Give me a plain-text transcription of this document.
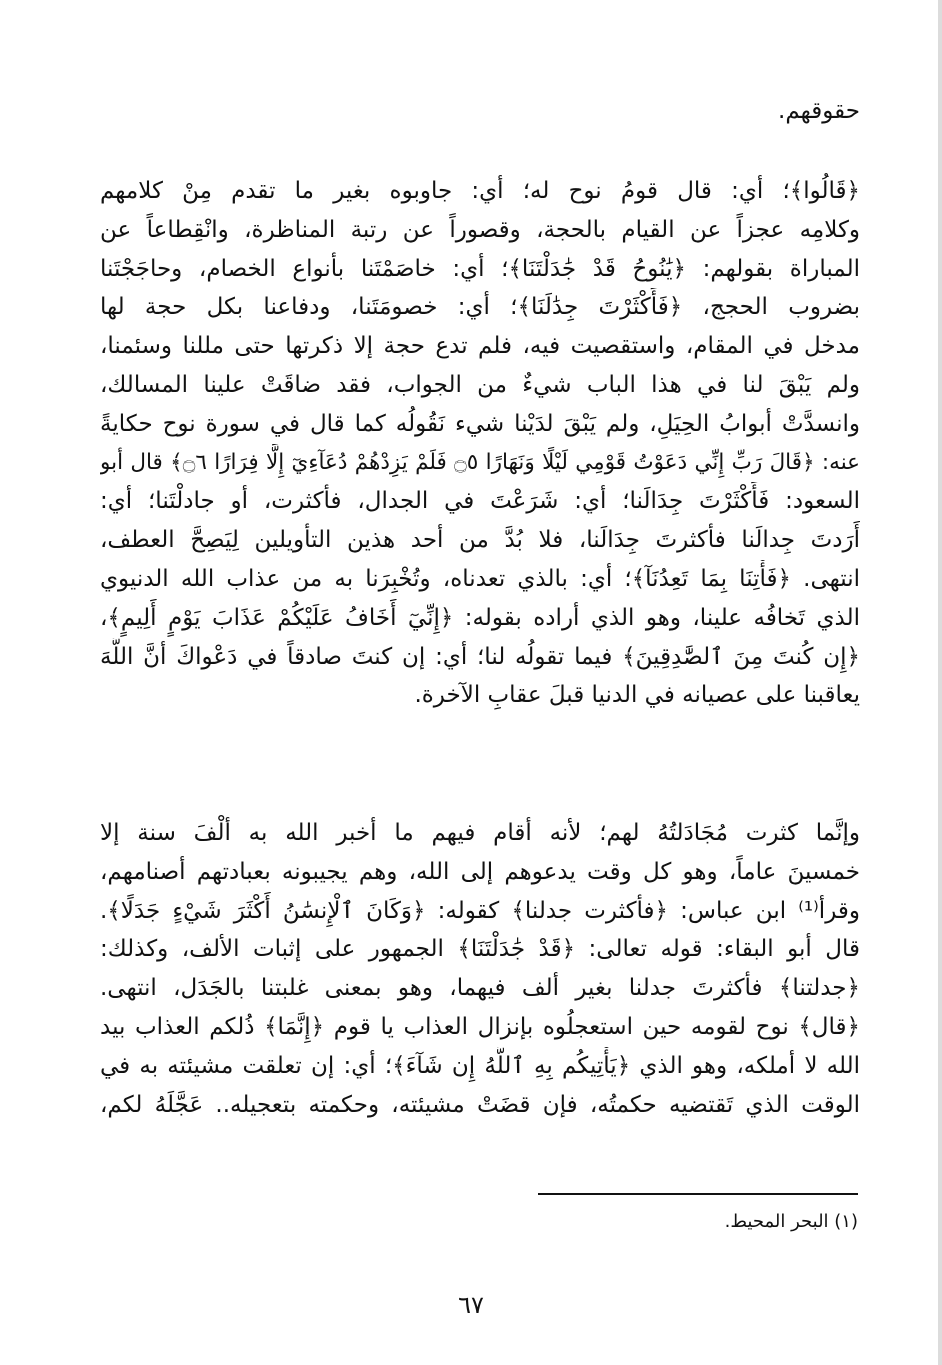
حقوقهم.
﴿قَالُوا﴾؛ أي: قال قومُ نوح له؛ أي: جاوبوه بغير ما تقدم مِنْ كلامهم
وكلامِه عجزاً عن القيام بالحجة، وقصوراً عن رتبة المناظرة، وانْقِطاعاً عن
المباراة بقولهم: ﴿يَٰنُوحُ قَدْ جَٰدَلْتَنَا﴾؛ أي: خاصَمْتَنا بأنواع الخصام، وحاجَجْتَنا
بضروب الحجج، ﴿فَأَكْثَرْتَ جِدَٰلَنَا﴾؛ أي: خصومَتَنا، ودفاعنا بكل حجة لها
مدخل في المقام، واستقصيت فيه، فلم تدع حجة إلا ذكرتها حتى مللنا وسئمنا،
ولم يَبْقَ لنا في هذا الباب شيءٌ من الجواب، فقد ضاقَتْ علينا المسالك،
وانسدَّتْ أبوابُ الحِيَلِ، ولم يَبْقَ لدَيْنا شيء نَقُولُه كما قال في سورة نوح حكايةً
عنه: ﴿قَالَ رَبِّ إِنِّي دَعَوْتُ قَوْمِي لَيْلًا وَنَهَارًا ۝٥ فَلَمْ يَزِدْهُمْ دُعَآءِيٓ إِلَّا فِرَارًا ۝٦﴾ قال أبو
السعود: فَأَكْثَرْتَ جِدَالَنا؛ أي: شَرَعْتَ في الجدال، فأكثرت، أو جادلْتَنا؛ أي:
أَرَدتَ جِدالَنا فأكثرتَ جِدَالَنا، فلا بُدَّ من أحد هذين التأويلين لِيَصِحَّ العطف،
انتهى. ﴿فَأْتِنَا بِمَا تَعِدُنَآ﴾؛ أي: بالذي تعدناه، وتُخْبِرَنا به من عذاب الله الدنيوي
الذي تَخافُه علينا، وهو الذي أراده بقوله: ﴿إِنِّيٓ أَخَافُ عَلَيْكُمْ عَذَابَ يَوْمٍ أَلِيمٍ﴾،
﴿إِن كُنتَ مِنَ ٱلصَّٰدِقِينَ﴾ فيما تقولُه لنا؛ أي: إن كنتَ صادقاً في دَعْواكَ أنَّ اللَّهَ
يعاقبنا على عصيانه في الدنيا قبلَ عقابِ الآخرة.
وإنَّما كثرت مُجَادَلتُهُ لهم؛ لأنه أقام فيهم ما أخبر الله به ألْفَ سنة إلا
خمسينَ عاماً، وهو كل وقت يدعوهم إلى الله، وهم يجيبونه بعبادتهم أصنامهم،
وقرأ⁽¹⁾ ابن عباس: ﴿فأكثرت جدلنا﴾ كقوله: ﴿وَكَانَ ٱلْإِنسَٰنُ أَكْثَرَ شَيْءٍ جَدَلًا﴾.
قال أبو البقاء: قوله تعالى: ﴿قَدْ جَٰدَلْتَنَا﴾ الجمهور على إثبات الألف، وكذلك:
﴿جدلتنا﴾ فأكثرتَ جدلنا بغير ألف فيهما، وهو بمعنى غلبتنا بالجَدَل، انتهى.
﴿قال﴾ نوح لقومه حين استعجلُوه بإنزال العذاب يا قوم ﴿إِنَّمَا﴾ ذُلكم العذاب بيد
الله لا أملكه، وهو الذي ﴿يَأْتِيكُم بِهِ ٱللَّهُ إِن شَآءَ﴾؛ أي: إن تعلقت مشيئته به في
الوقت الذي تَقتضيه حكمتُه، فإن قضَتْ مشيئته، وحكمته بتعجيله.. عَجَّلَهُ لكم،
(١) البحر المحيط.
٦٧
